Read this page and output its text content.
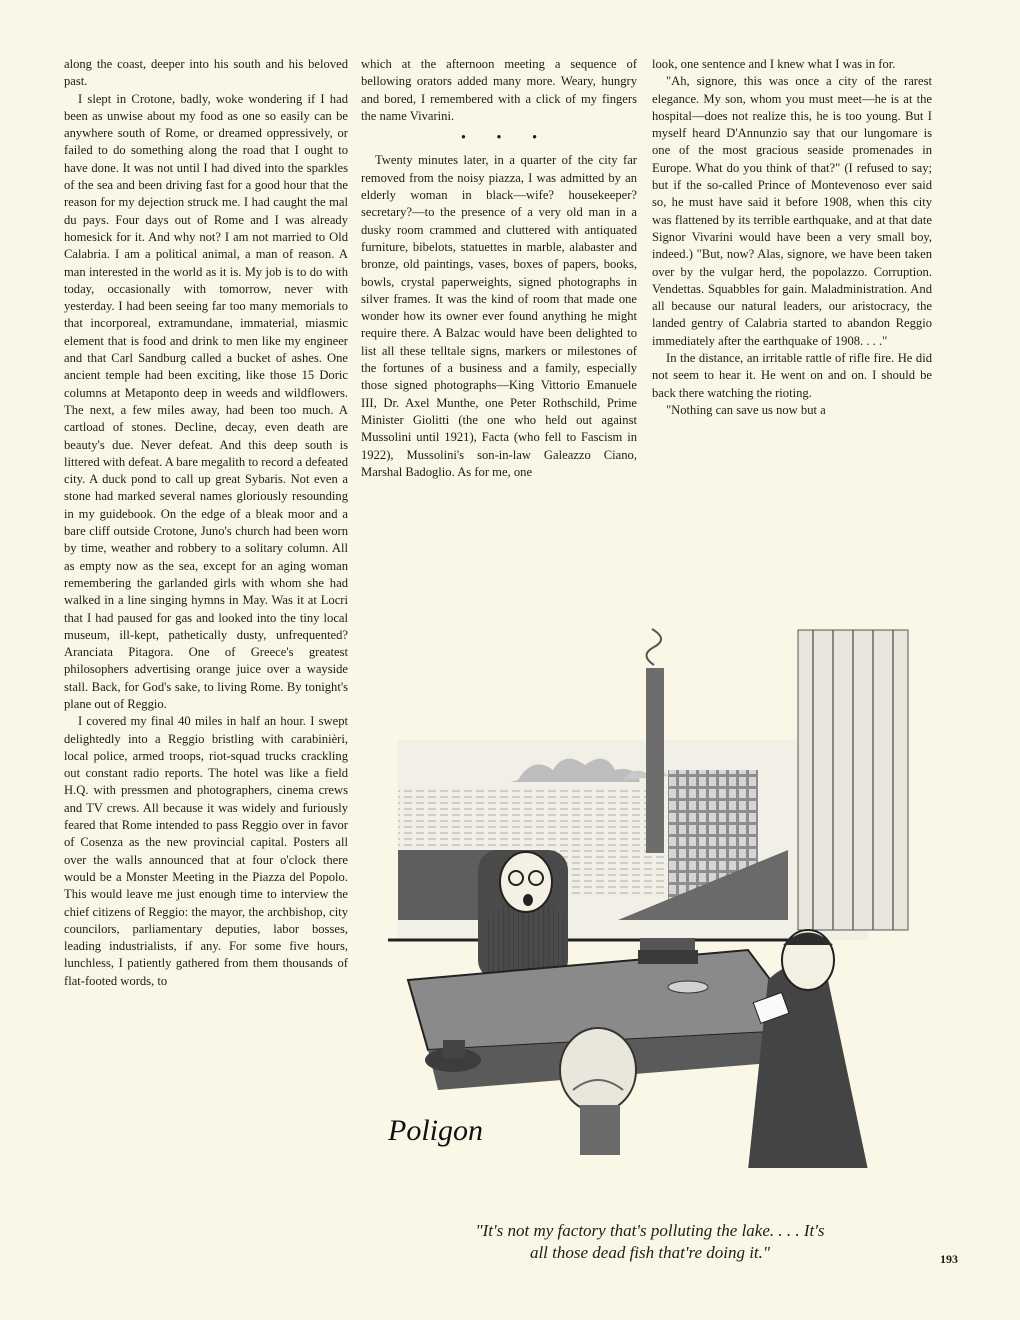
along the coast, deeper into his south and his beloved past.

I slept in Crotone, badly, woke wondering if I had been as unwise about my food as one so easily can be anywhere south of Rome, or dreamed oppressively, or failed to do something along the road that I ought to have done. It was not until I had dived into the sparkles of the sea and been driving fast for a good hour that the reason for my dejection struck me. I had caught the mal du pays. Four days out of Rome and I was already homesick for it. And why not? I am not married to Old Calabria. I am a political animal, a man of reason. A man interested in the world as it is. My job is to do with today, occasionally with tomorrow, never with yesterday. I had been seeing far too many memorials to that incorporeal, extramundane, immaterial, miasmic element that is food and drink to men like my engineer and that Carl Sandburg called a bucket of ashes. One ancient temple had been exciting, like those 15 Doric columns at Metaponto deep in weeds and wildflowers. The next, a few miles away, had been too much. A cartload of stones. Decline, decay, even death are beauty's due. Never defeat. And this deep south is littered with defeat. A bare megalith to record a defeated city. A duck pond to call up great Sybaris. Not even a stone had marked several names gloriously resounding in my guidebook. On the edge of a bleak moor and a bare cliff outside Crotone, Juno's church had been worn by time, weather and robbery to a solitary column. All as empty now as the sea, except for an aging woman remembering the garlanded girls with whom she had walked in a line singing hymns in May. Was it at Locri that I had paused for gas and looked into the tiny local museum, ill-kept, pathetically dusty, unfrequented? Aranciata Pitagora. One of Greece's greatest philosophers advertising orange juice over a wayside stall. Back, for God's sake, to living Rome. By tonight's plane out of Reggio.

I covered my final 40 miles in half an hour. I swept delightedly into a Reggio bristling with carabinièri, local police, armed troops, riot-squad trucks crackling out constant radio reports. The hotel was like a field H.Q. with pressmen and photographers, cinema crews and TV crews. All because it was widely and furiously feared that Rome intended to pass Reggio over in favor of Cosenza as the new provincial capital. Posters all over the walls announced that at four o'clock there would be a Monster Meeting in the Piazza del Popolo. This would leave me just enough time to interview the chief citizens of Reggio: the mayor, the archbishop, city councilors, parliamentary deputies, labor bosses, leading industrialists, if any. For some five hours, lunchless, I patiently gathered from them thousands of flat-footed words, to

which at the afternoon meeting a sequence of bellowing orators added many more. Weary, hungry and bored, I remembered with a click of my fingers the name Vivarini.

• • •

Twenty minutes later, in a quarter of the city far removed from the noisy piazza, I was admitted by an elderly woman in black—wife? housekeeper? secretary?—to the presence of a very old man in a dusky room crammed and cluttered with antiquated furniture, bibelots, statuettes in marble, alabaster and bronze, old paintings, vases, boxes of papers, books, bowls, crystal paperweights, signed photographs in silver frames. It was the kind of room that made one wonder how its owner ever found anything he might require there. A Balzac would have been delighted to list all these telltale signs, markers or milestones of the fortunes of a business and a family, especially those signed photographs—King Vittorio Emanuele III, Dr. Axel Munthe, one Peter Rothschild, Prime Minister Giolitti (the one who held out against Mussolini until 1921), Facta (who fell to Fascism in 1922), Mussolini's son-in-law Galeazzo Ciano, Marshal Badoglio. As for me, one

look, one sentence and I knew what I was in for.

"Ah, signore, this was once a city of the rarest elegance. My son, whom you must meet—he is at the hospital—does not realize this, he is too young. But I myself heard D'Annunzio say that our lungomare is one of the most gracious seaside promenades in Europe. What do you think of that?" (I refused to say; but if the so-called Prince of Montevenoso ever said so, he must have said it before 1908, when this city was flattened by its terrible earthquake, and at that date Signor Vivarini would have been a very small boy, indeed.) "But, now? Alas, signore, we have been taken over by the vulgar herd, the popolazzo. Corruption. Vendettas. Squabbles for gain. Maladministration. And all because our natural leaders, our aristocracy, the landed gentry of Calabria started to abandon Reggio immediately after the earthquake of 1908. . . ."

In the distance, an irritable rattle of rifle fire. He did not seem to hear it. He went on and on. I should be back there watching the rioting.

"Nothing can save us now but a

Poligon
"It's not my factory that's polluting the lake. . . . It's
all those dead fish that're doing it."	193
